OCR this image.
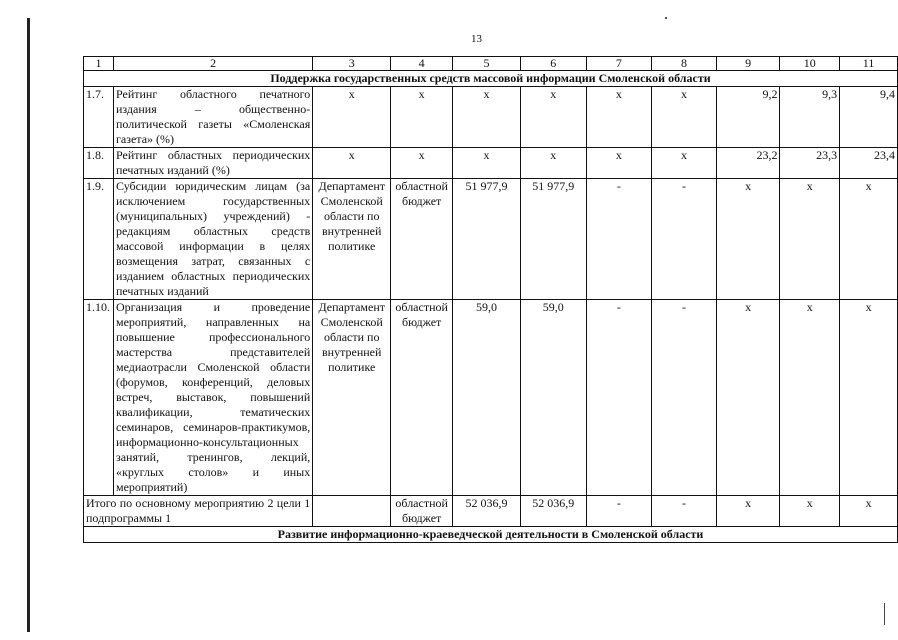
13
1	2	3	4	5	6	7	8	9	10	11
Поддержка государственных средств массовой информации Смоленской области										
1.7.	Рейтинг областного печатного издания – общественно-политической газеты «Смоленская газета» (%)	х	х	х	х	х	х	9,2	9,3	9,4
1.8.	Рейтинг областных периодических печатных изданий (%)	х	х	х	х	х	х	23,2	23,3	23,4
1.9.	Субсидии юридическим лицам (за исключением государственных (муниципальных) учреждений) - редакциям областных средств массовой информации в целях возмещения затрат, связанных с изданием областных периодических печатных изданий	Департамент Смоленской области по внутренней политике	областной бюджет	51 977,9	51 977,9	-	-	х	х	х
1.10.	Организация и проведение мероприятий, направленных на повышение профессионального мастерства представителей медиаотрасли Смоленской области (форумов, конференций, деловых встреч, выставок, повышений квалификации, тематических семинаров, семинаров-практикумов, информационно-консультационных занятий, тренингов, лекций, «круглых столов» и иных мероприятий)	Департамент Смоленской области по внутренней политике	областной бюджет	59,0	59,0	-	-	х	х	х
Итого по основному мероприятию 2 цели 1 подпрограммы 1			областной бюджет	52 036,9	52 036,9	-	-	х	х	х
Развитие информационно-краеведческой деятельности в Смоленской области										
